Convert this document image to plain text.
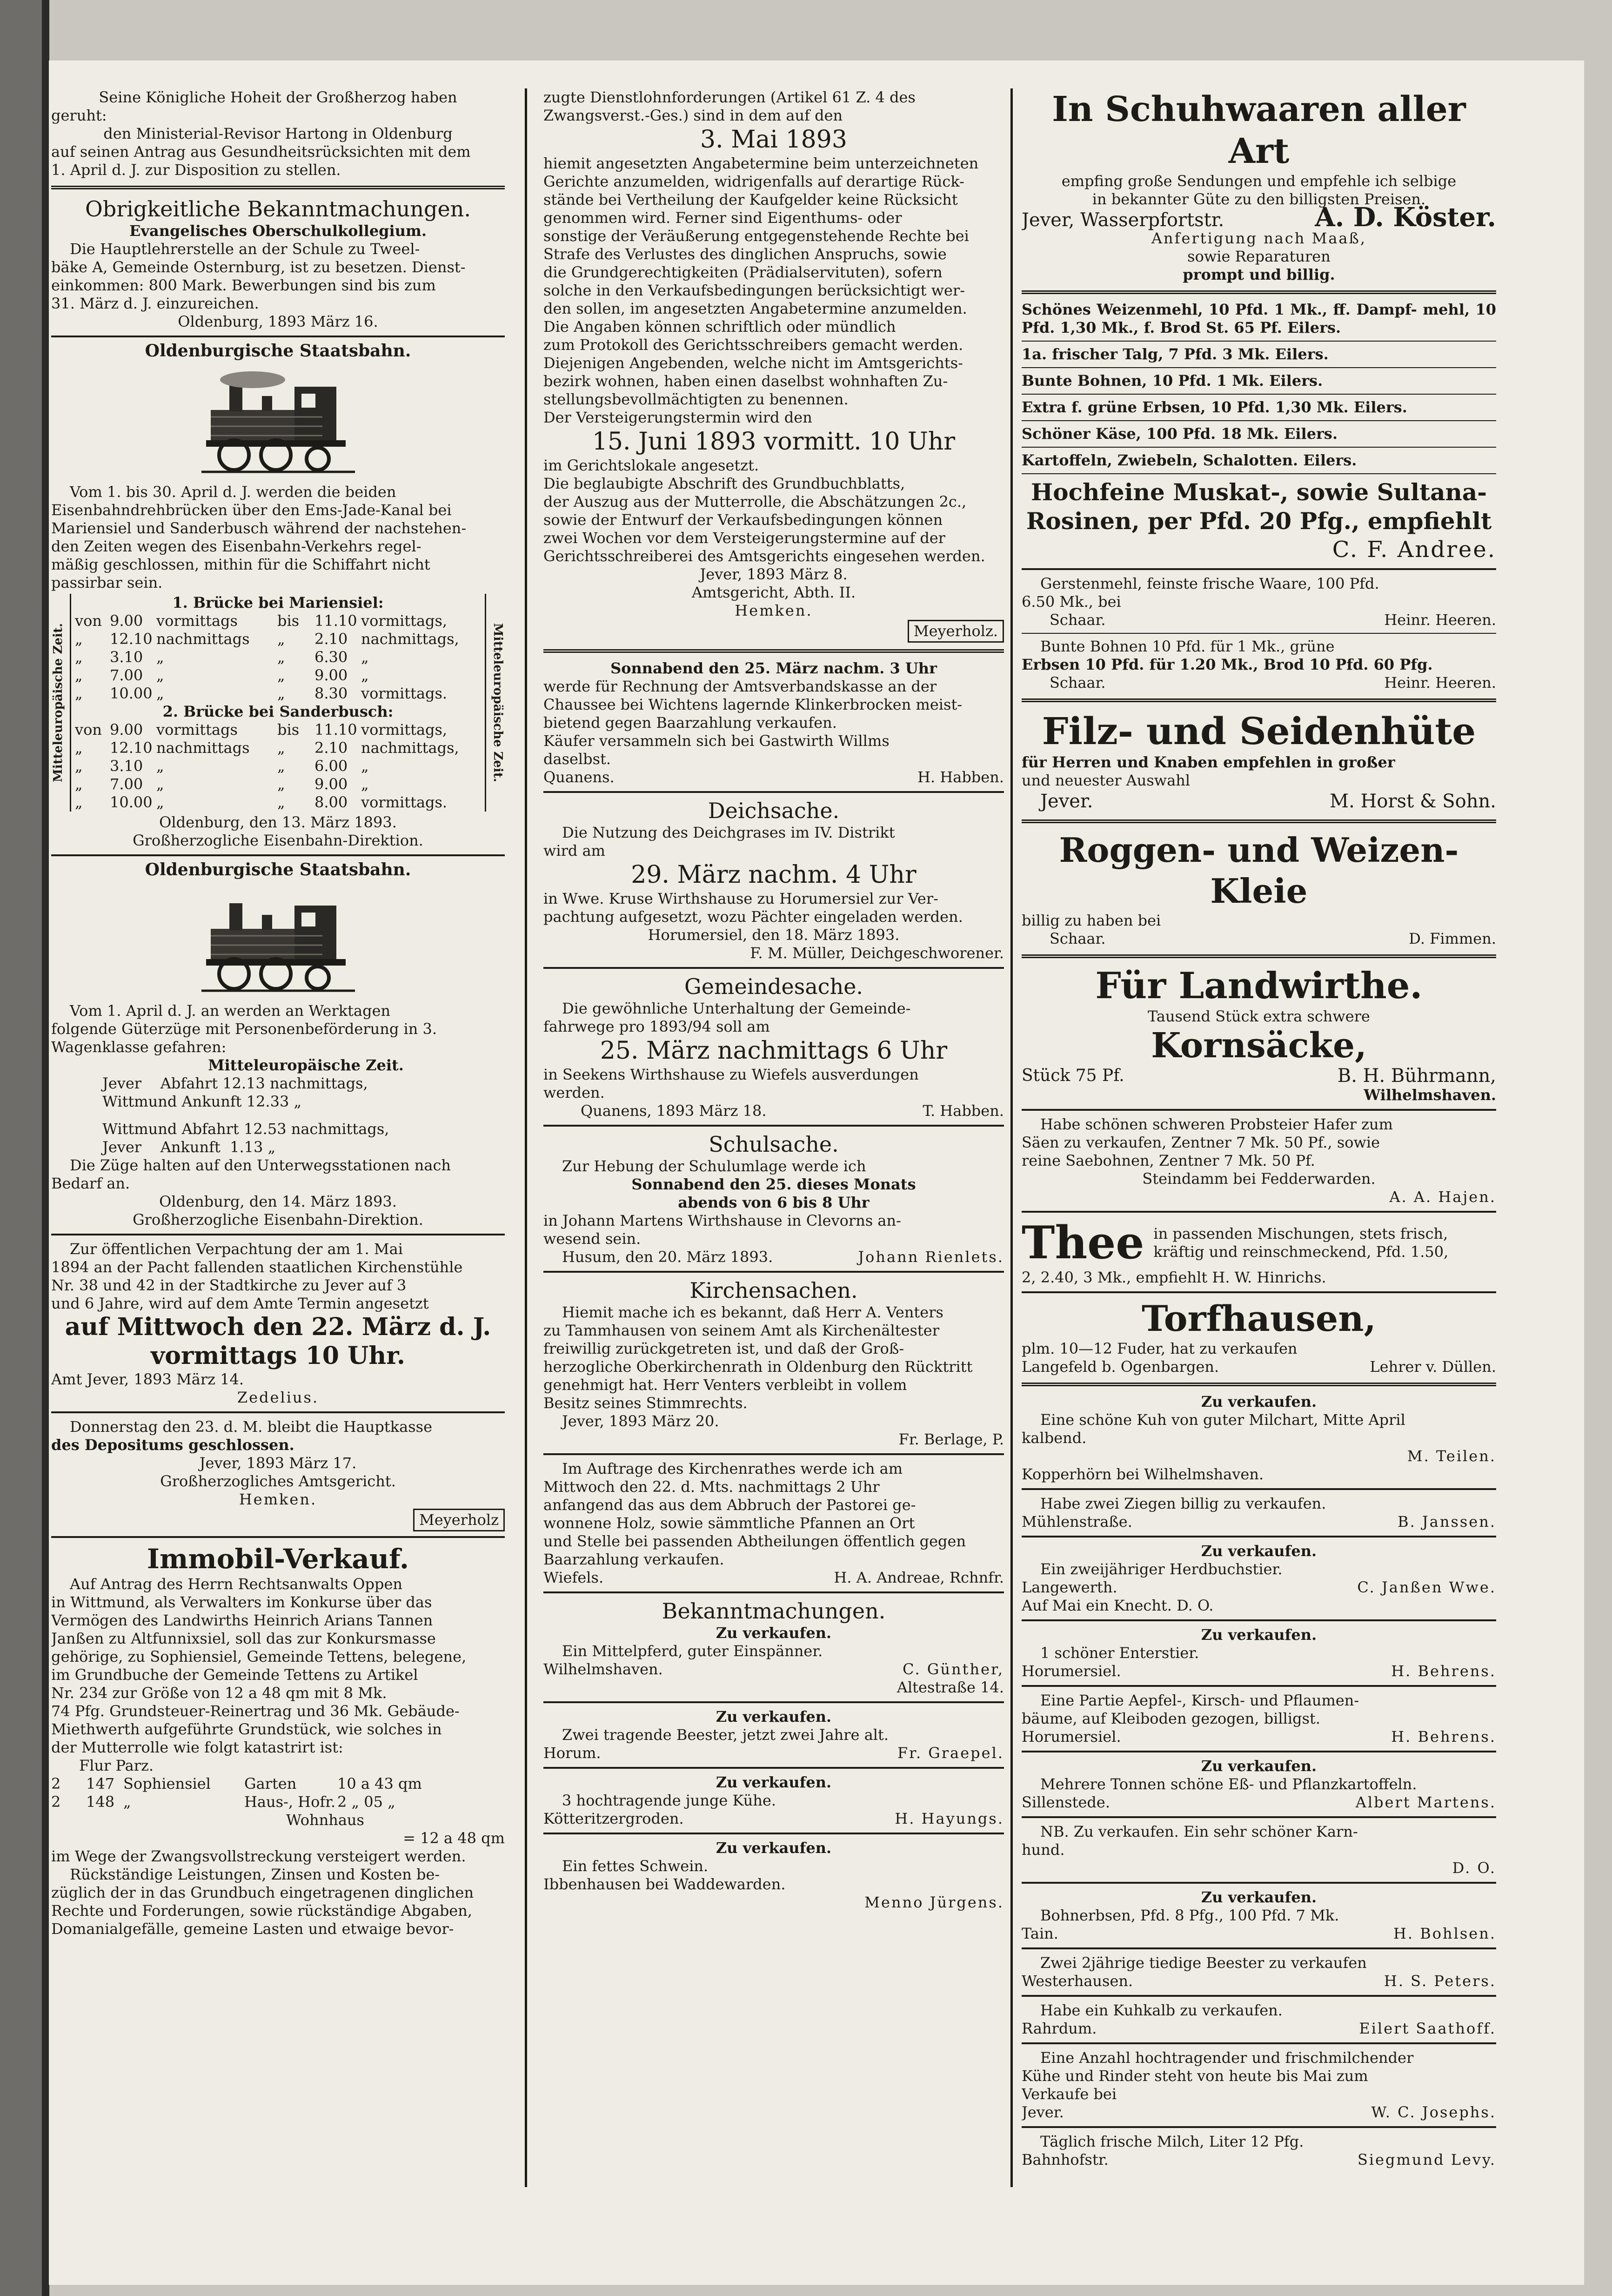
Seine Königliche Hoheit der Großherzog haben

geruht:

den Ministerial-Revisor Hartong in Oldenburg

auf seinen Antrag aus Gesundheitsrücksichten mit dem

1. April d. J. zur Disposition zu stellen.

Obrigkeitliche Bekanntmachungen.

Evangelisches Oberschulkollegium.

Die Hauptlehrerstelle an der Schule zu Tweel-

bäke A, Gemeinde Osternburg, ist zu besetzen. Dienst-

einkommen: 800 Mark. Bewerbungen sind bis zum

31. März d. J. einzureichen.

Oldenburg, 1893 März 16.

Oldenburgische Staatsbahn.

Vom 1. bis 30. April d. J. werden die beiden

Eisenbahndrehbrücken über den Ems-Jade-Kanal bei

Mariensiel und Sanderbusch während der nachstehen-

den Zeiten wegen des Eisenbahn-Verkehrs regel-

mäßig geschlossen, mithin für die Schiffahrt nicht

passirbar sein.

Mitteleuropäische Zeit.

1. Brücke bei Mariensiel:

von 9.00 vormittags	bis	11.10 vormittags,
„	12.10 nachmittags	„	2.10 nachmittags,
„	3.10 „	„	6.30 „
„	7.00 „	„	9.00 „
„	10.00 „	„	8.30 vormittags.

2. Brücke bei Sanderbusch:

von 9.00 vormittags	bis	11.10 vormittags,
„	12.10 nachmittags	„	2.10 nachmittags,
„	3.10 „	„	6.00 „
„	7.00 „	„	9.00 „
„	10.00 „	„	8.00 vormittags.
Mitteleuropäische Zeit.

Oldenburg, den 13. März 1893.

Großherzogliche Eisenbahn-Direktion.

Oldenburgische Staatsbahn.

Vom 1. April d. J. an werden an Werktagen

folgende Güterzüge mit Personenbeförderung in 3.

Wagenklasse gefahren:

Mitteleuropäische Zeit.

Jever    Abfahrt 12.13 nachmittags,

Wittmund Ankunft 12.33 „

Wittmund Abfahrt 12.53 nachmittags,

Jever    Ankunft  1.13 „

Die Züge halten auf den Unterwegsstationen nach

Bedarf an.

Oldenburg, den 14. März 1893.

Großherzogliche Eisenbahn-Direktion.

Zur öffentlichen Verpachtung der am 1. Mai

1894 an der Pacht fallenden staatlichen Kirchenstühle

Nr. 38 und 42 in der Stadtkirche zu Jever auf 3

und 6 Jahre, wird auf dem Amte Termin angesetzt

auf Mittwoch den 22. März d. J.

vormittags 10 Uhr.

Amt Jever, 1893 März 14.

Zedelius.

Donnerstag den 23. d. M. bleibt die Hauptkasse

des Depositums geschlossen.

Jever, 1893 März 17.

Großherzogliches Amtsgericht.

Hemken.

Meyerholz

Immobil-Verkauf.

Auf Antrag des Herrn Rechtsanwalts Oppen

in Wittmund, als Verwalters im Konkurse über das

Vermögen des Landwirths Heinrich Arians Tannen

Janßen zu Altfunnixsiel, soll das zur Konkursmasse

gehörige, zu Sophiensiel, Gemeinde Tettens, belegene,

im Grundbuche der Gemeinde Tettens zu Artikel

Nr. 234 zur Größe von 12 a 48 qm mit 8 Mk.

74 Pfg. Grundsteuer-Reinertrag und 36 Mk. Gebäude-

Miethwerth aufgeführte Grundstück, wie solches in

der Mutterrolle wie folgt katastrirt ist:

Flur Parz.

2	147 Sophiensiel	Garten	10 a 43 qm
2	148 „	Haus-, Hofr. 2 „ 05 „

Wohnhaus

= 12 a 48 qm

im Wege der Zwangsvollstreckung versteigert werden.

Rückständige Leistungen, Zinsen und Kosten be-

züglich der in das Grundbuch eingetragenen dinglichen

Rechte und Forderungen, sowie rückständige Abgaben,

Domanialgefälle, gemeine Lasten und etwaige bevor-

zugte Dienstlohnforderungen (Artikel 61 Z. 4 des

Zwangsverst.-Ges.) sind in dem auf den

3. Mai 1893

hiemit angesetzten Angabetermine beim unterzeichneten

Gerichte anzumelden, widrigenfalls auf derartige Rück-

stände bei Vertheilung der Kaufgelder keine Rücksicht

genommen wird. Ferner sind Eigenthums- oder

sonstige der Veräußerung entgegenstehende Rechte bei

Strafe des Verlustes des dinglichen Anspruchs, sowie

die Grundgerechtigkeiten (Prädialservituten), sofern

solche in den Verkaufsbedingungen berücksichtigt wer-

den sollen, im angesetzten Angabetermine anzumelden.

Die Angaben können schriftlich oder mündlich

zum Protokoll des Gerichtsschreibers gemacht werden.

Diejenigen Angebenden, welche nicht im Amtsgerichts-

bezirk wohnen, haben einen daselbst wohnhaften Zu-

stellungsbevollmächtigten zu benennen.

Der Versteigerungstermin wird den

15. Juni 1893 vormitt. 10 Uhr

im Gerichtslokale angesetzt.

Die beglaubigte Abschrift des Grundbuchblatts,

der Auszug aus der Mutterrolle, die Abschätzungen 2c.,

sowie der Entwurf der Verkaufsbedingungen können

zwei Wochen vor dem Versteigerungstermine auf der

Gerichtsschreiberei des Amtsgerichts eingesehen werden.

Jever, 1893 März 8.

Amtsgericht, Abth. II.

Hemken.

Meyerholz.

Sonnabend den 25. März nachm. 3 Uhr

werde für Rechnung der Amtsverbandskasse an der

Chaussee bei Wichtens lagernde Klinkerbrocken meist-

bietend gegen Baarzahlung verkaufen.

Käufer versammeln sich bei Gastwirth Willms

daselbst.

Quanens.	H. Habben.

Deichsache.

Die Nutzung des Deichgrases im IV. Distrikt

wird am

29. März nachm. 4 Uhr

in Wwe. Kruse Wirthshause zu Horumersiel zur Ver-

pachtung aufgesetzt, wozu Pächter eingeladen werden.

Horumersiel, den 18. März 1893.

F. M. Müller, Deichgeschworener.

Gemeindesache.

Die gewöhnliche Unterhaltung der Gemeinde-

fahrwege pro 1893/94 soll am

25. März nachmittags 6 Uhr

in Seekens Wirthshause zu Wiefels ausverdungen

werden.

Quanens, 1893 März 18.	T. Habben.

Schulsache.

Zur Hebung der Schulumlage werde ich

Sonnabend den 25. dieses Monats

abends von 6 bis 8 Uhr

in Johann Martens Wirthshause in Clevorns an-

wesend sein.

Husum, den 20. März 1893.	Johann Rienlets.

Kirchensachen.

Hiemit mache ich es bekannt, daß Herr A. Venters

zu Tammhausen von seinem Amt als Kirchenältester

freiwillig zurückgetreten ist, und daß der Groß-

herzogliche Oberkirchenrath in Oldenburg den Rücktritt

genehmigt hat. Herr Venters verbleibt in vollem

Besitz seines Stimmrechts.

Jever, 1893 März 20.

Fr. Berlage, P.

Im Auftrage des Kirchenrathes werde ich am

Mittwoch den 22. d. Mts. nachmittags 2 Uhr

anfangend das aus dem Abbruch der Pastorei ge-

wonnene Holz, sowie sämmtliche Pfannen an Ort

und Stelle bei passenden Abtheilungen öffentlich gegen

Baarzahlung verkaufen.

Wiefels.	H. A. Andreae, Rchnfr.

Bekanntmachungen.

Zu verkaufen.

Ein Mittelpferd, guter Einspänner.

Wilhelmshaven.	C. Günther,

Altestraße 14.

Zu verkaufen.

Zwei tragende Beester, jetzt zwei Jahre alt.

Horum.	Fr. Graepel.

Zu verkaufen.

3 hochtragende junge Kühe.

Kötteritzergroden.	H. Hayungs.

Zu verkaufen.

Ein fettes Schwein.

Ibbenhausen bei Waddewarden.

Menno Jürgens.

In Schuhwaaren aller Art

empfing große Sendungen und empfehle ich selbige

in bekannter Güte zu den billigsten Preisen.

Jever, Wasserpfortstr.	A. D. Köster.

Anfertigung nach Maaß,

sowie Reparaturen

prompt und billig.

Schönes Weizenmehl, 10 Pfd. 1 Mk., ff. Dampf- mehl, 10 Pfd. 1,30 Mk., f. Brod St. 65 Pf. Eilers.

1a. frischer Talg, 7 Pfd. 3 Mk. Eilers.

Bunte Bohnen, 10 Pfd. 1 Mk. Eilers.

Extra f. grüne Erbsen, 10 Pfd. 1,30 Mk. Eilers.

Schöner Käse, 100 Pfd. 18 Mk. Eilers.

Kartoffeln, Zwiebeln, Schalotten. Eilers.

Hochfeine Muskat-, sowie Sultana-

Rosinen, per Pfd. 20 Pfg., empfiehlt

C. F. Andree.

Gerstenmehl, feinste frische Waare, 100 Pfd.

6.50 Mk., bei

Schaar.	Heinr. Heeren.

Bunte Bohnen 10 Pfd. für 1 Mk., grüne

Erbsen 10 Pfd. für 1.20 Mk., Brod 10 Pfd. 60 Pfg.

Schaar.	Heinr. Heeren.

Filz- und Seidenhüte

für Herren und Knaben empfehlen in großer

und neuester Auswahl

Jever.	M. Horst & Sohn.

Roggen- und Weizen-Kleie

billig zu haben bei

Schaar.	D. Fimmen.

Für Landwirthe.

Tausend Stück extra schwere

Kornsäcke,

Stück 75 Pf.	B. H. Bührmann,

Wilhelmshaven.

Habe schönen schweren Probsteier Hafer zum

Säen zu verkaufen, Zentner 7 Mk. 50 Pf., sowie

reine Saebohnen, Zentner 7 Mk. 50 Pf.

Steindamm bei Fedderwarden.

A. A. Hajen.

Thee in passenden Mischungen, stets frisch,

kräftig und reinschmeckend, Pfd. 1.50,

2, 2.40, 3 Mk., empfiehlt H. W. Hinrichs.

Torfhausen,

plm. 10—12 Fuder, hat zu verkaufen

Langefeld b. Ogenbargen.	Lehrer v. Düllen.

Zu verkaufen.

Eine schöne Kuh von guter Milchart, Mitte April

kalbend.

M. Teilen.

Kopperhörn bei Wilhelmshaven.

Habe zwei Ziegen billig zu verkaufen.

Mühlenstraße.	B. Janssen.

Zu verkaufen.

Ein zweijähriger Herdbuchstier.

Langewerth.	C. Janßen Wwe.

Auf Mai ein Knecht. D. O.

Zu verkaufen.

1 schöner Enterstier.

Horumersiel.	H. Behrens.

Eine Partie Aepfel-, Kirsch- und Pflaumen-

bäume, auf Kleiboden gezogen, billigst.

Horumersiel.	H. Behrens.

Zu verkaufen.

Mehrere Tonnen schöne Eß- und Pflanzkartoffeln.

Sillenstede.	Albert Martens.

NB. Zu verkaufen. Ein sehr schöner Karn-

hund.

D. O.

Zu verkaufen.

Bohnerbsen, Pfd. 8 Pfg., 100 Pfd. 7 Mk.

Tain.	H. Bohlsen.

Zwei 2jährige tiedige Beester zu verkaufen

Westerhausen.	H. S. Peters.

Habe ein Kuhkalb zu verkaufen.

Rahrdum.	Eilert Saathoff.

Eine Anzahl hochtragender und frischmilchender

Kühe und Rinder steht von heute bis Mai zum

Verkaufe bei

Jever.	W. C. Josephs.

Täglich frische Milch, Liter 12 Pfg.

Bahnhofstr.	Siegmund Levy.
